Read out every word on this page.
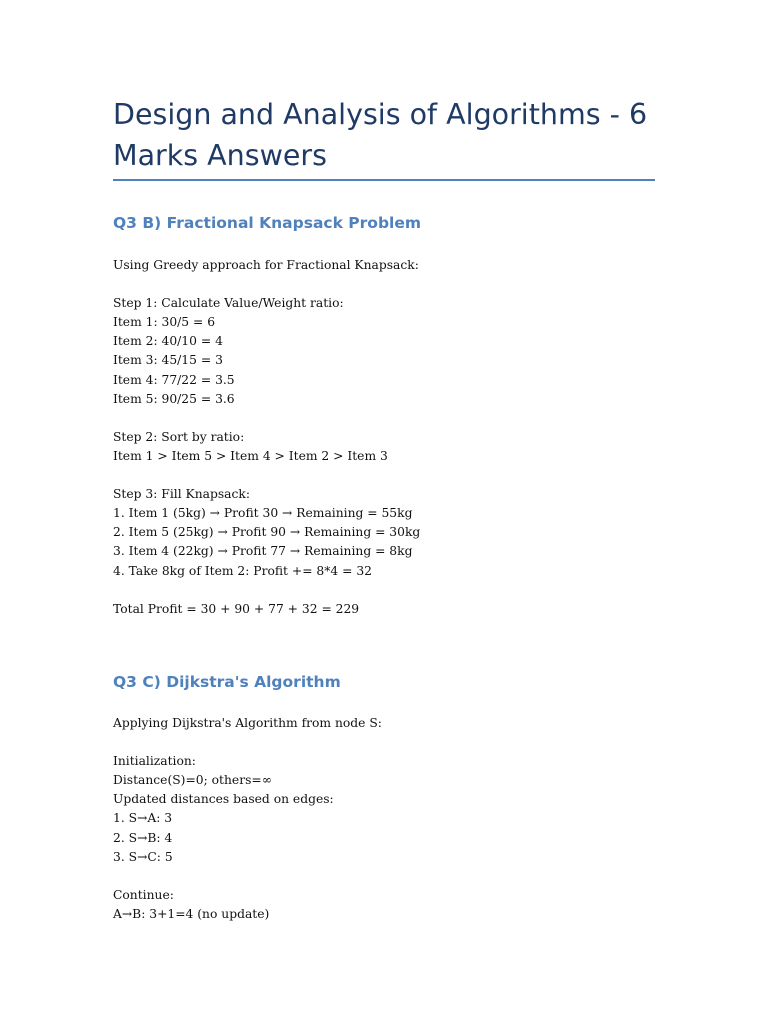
Design and Analysis of Algorithms - 6 Marks Answers
Q3 B) Fractional Knapsack Problem
Using Greedy approach for Fractional Knapsack:
Step 1: Calculate Value/Weight ratio:
Item 1: 30/5 = 6
Item 2: 40/10 = 4
Item 3: 45/15 = 3
Item 4: 77/22 = 3.5
Item 5: 90/25 = 3.6
Step 2: Sort by ratio:
Item 1 > Item 5 > Item 4 > Item 2 > Item 3
Step 3: Fill Knapsack:
1. Item 1 (5kg) → Profit 30 → Remaining = 55kg
2. Item 5 (25kg) → Profit 90 → Remaining = 30kg
3. Item 4 (22kg) → Profit 77 → Remaining = 8kg
4. Take 8kg of Item 2: Profit += 8*4 = 32
Total Profit = 30 + 90 + 77 + 32 = 229
Q3 C) Dijkstra's Algorithm
Applying Dijkstra's Algorithm from node S:
Initialization:
Distance(S)=0; others=∞
Updated distances based on edges:
1. S→A: 3
2. S→B: 4
3. S→C: 5
Continue:
A→B: 3+1=4 (no update)
